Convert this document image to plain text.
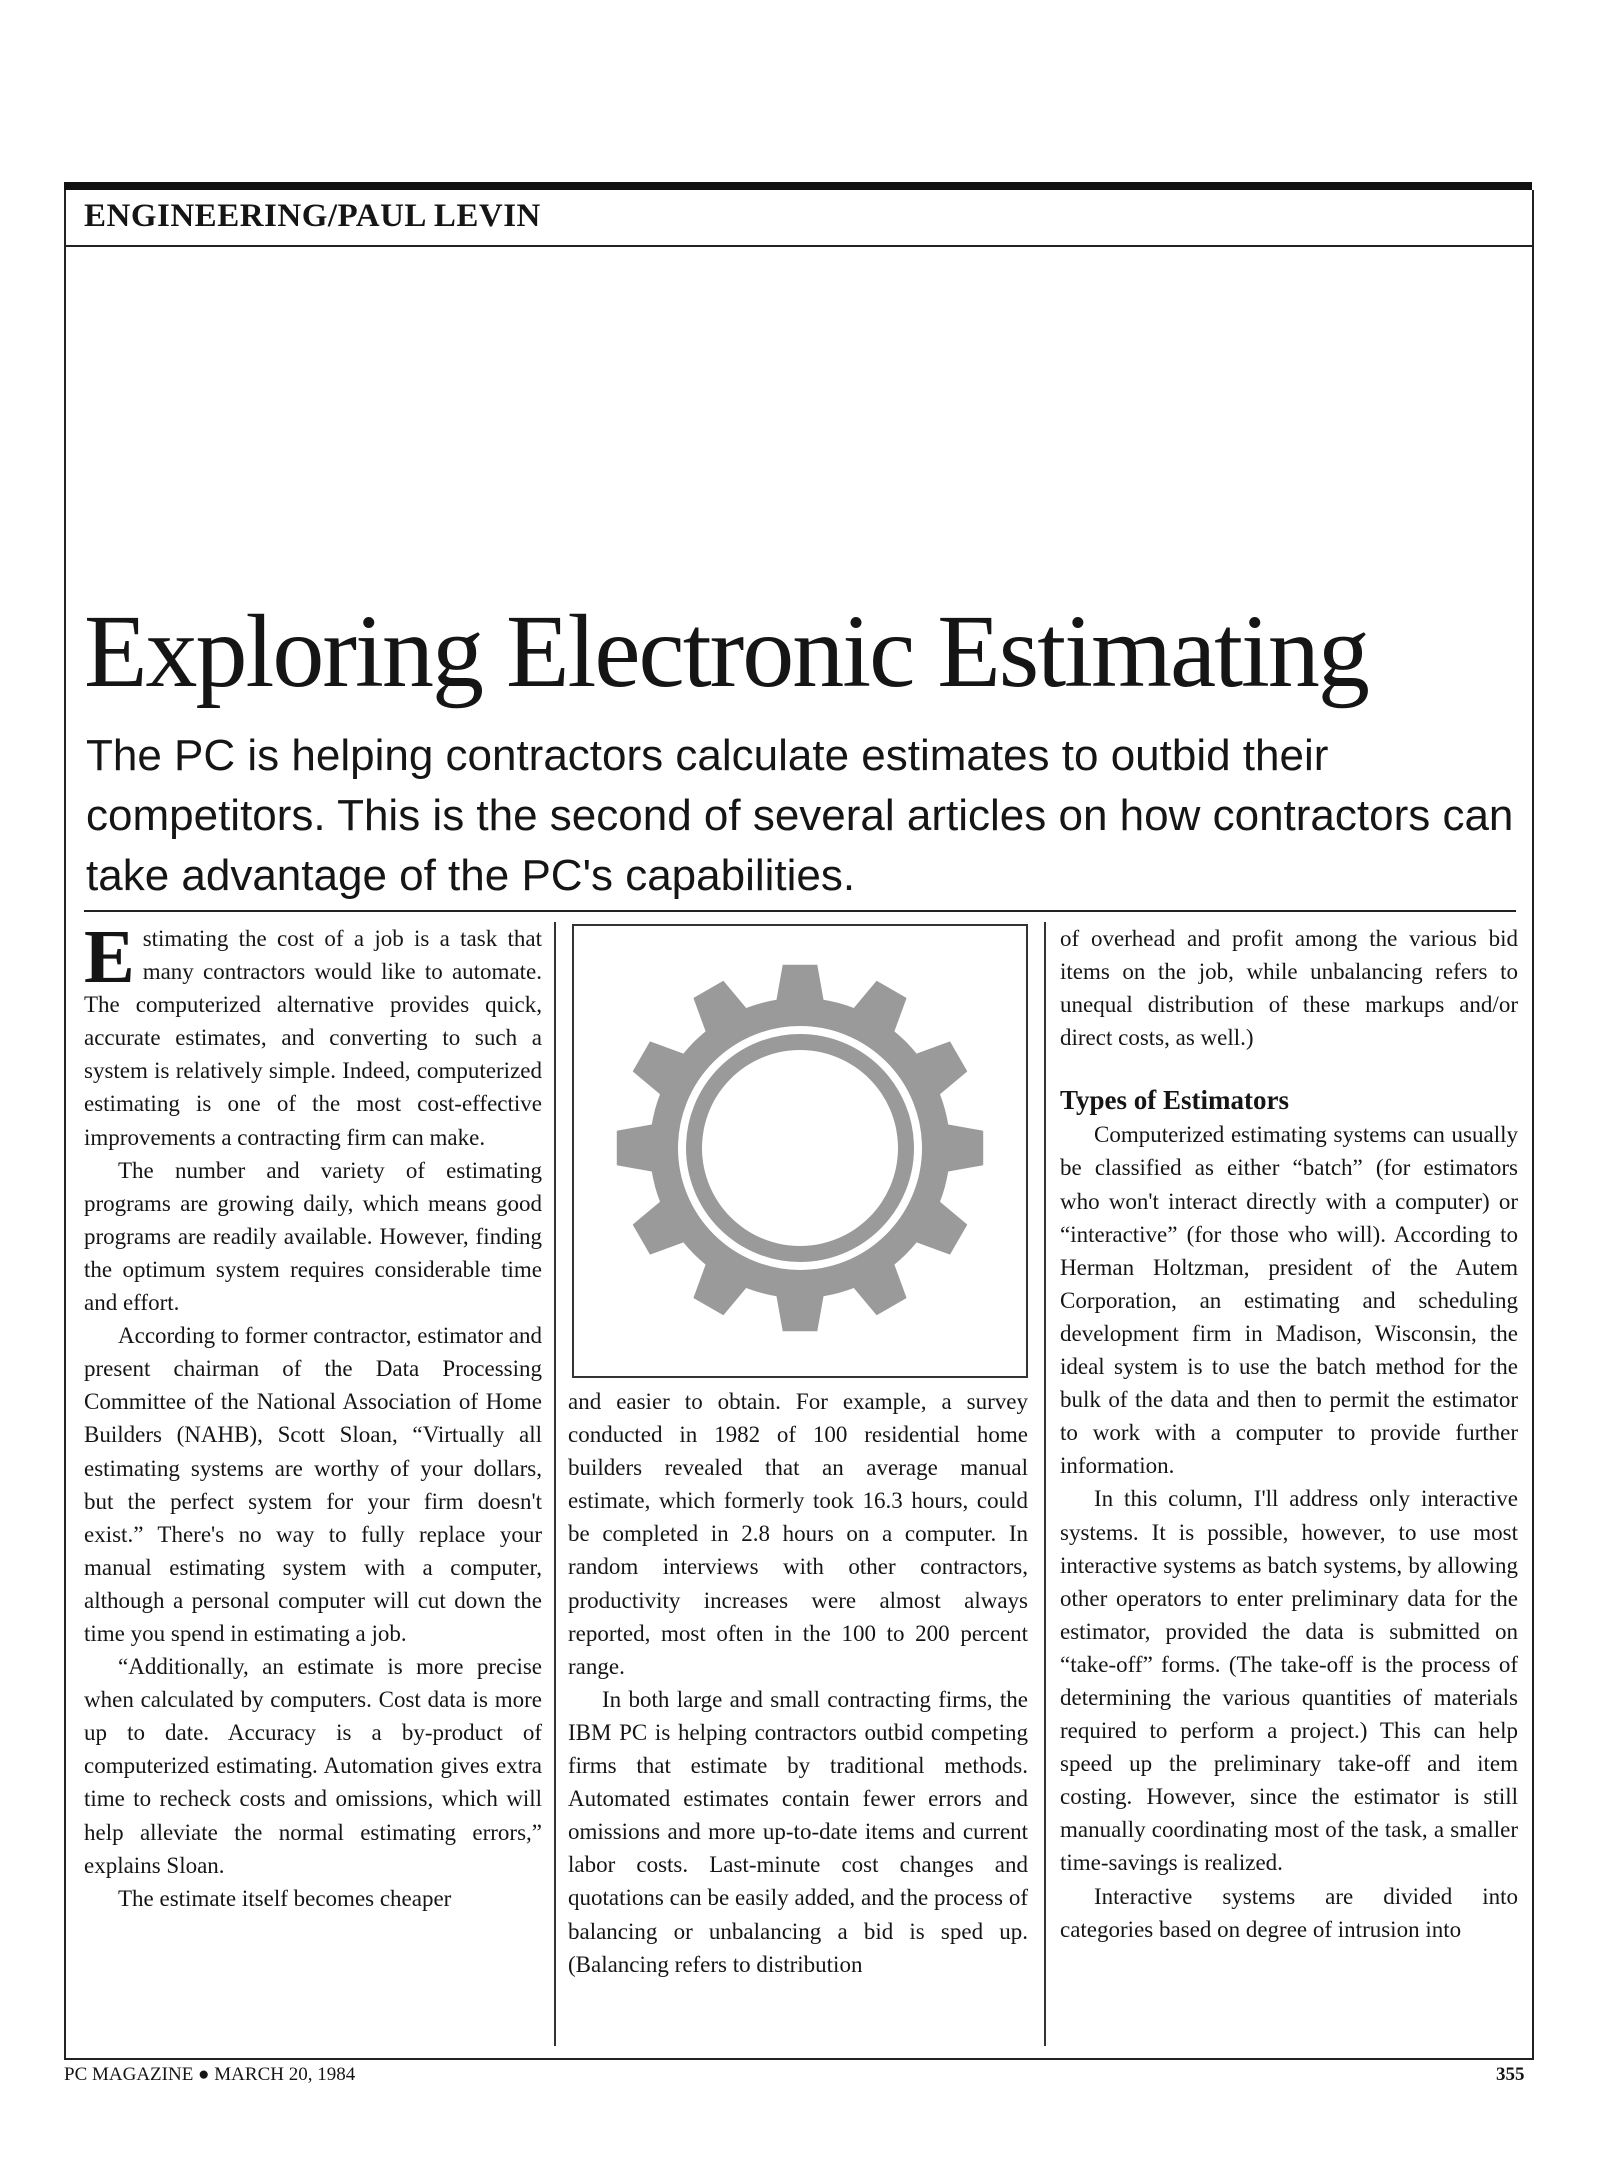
ENGINEERING/PAUL LEVIN
Exploring Electronic Estimating
The PC is helping contractors calculate estimates to outbid their competitors. This is the second of several articles on how contractors can take advantage of the PC's capabilities.

Estimating the cost of a job is a task that many contractors would like to automate. The computerized alternative provides quick, accurate estimates, and converting to such a system is relatively simple. Indeed, computerized estimating is one of the most cost-effective improvements a contracting firm can make.

The number and variety of estimating programs are growing daily, which means good programs are readily available. However, finding the optimum system requires considerable time and effort.

According to former contractor, estimator and present chairman of the Data Processing Committee of the National Association of Home Builders (NAHB), Scott Sloan, “Virtually all estimating systems are worthy of your dollars, but the perfect system for your firm doesn't exist.” There's no way to fully replace your manual estimating system with a computer, although a personal computer will cut down the time you spend in estimating a job.

“Additionally, an estimate is more precise when calculated by computers. Cost data is more up to date. Accuracy is a by-product of computerized estimating. Automation gives extra time to recheck costs and omissions, which will help alleviate the normal estimating errors,” explains Sloan.

The estimate itself becomes cheaper

and easier to obtain. For example, a survey conducted in 1982 of 100 residential home builders revealed that an average manual estimate, which formerly took 16.3 hours, could be completed in 2.8 hours on a computer. In random interviews with other contractors, productivity increases were almost always reported, most often in the 100 to 200 percent range.

In both large and small contracting firms, the IBM PC is helping contractors outbid competing firms that estimate by traditional methods. Automated estimates contain fewer errors and omissions and more up-to-date items and current labor costs. Last-minute cost changes and quotations can be easily added, and the process of balancing or unbalancing a bid is sped up. (Balancing refers to distribution

of overhead and profit among the various bid items on the job, while unbalancing refers to unequal distribution of these markups and/or direct costs, as well.)

Types of Estimators

Computerized estimating systems can usually be classified as either “batch” (for estimators who won't interact directly with a computer) or “interactive” (for those who will). According to Herman Holtzman, president of the Autem Corporation, an estimating and scheduling development firm in Madison, Wisconsin, the ideal system is to use the batch method for the bulk of the data and then to permit the estimator to work with a computer to provide further information.

In this column, I'll address only interactive systems. It is possible, however, to use most interactive systems as batch systems, by allowing other operators to enter preliminary data for the estimator, provided the data is submitted on “take-off” forms. (The take-off is the process of determining the various quantities of materials required to perform a project.) This can help speed up the preliminary take-off and item costing. However, since the estimator is still manually coordinating most of the task, a smaller time-savings is realized.

Interactive systems are divided into categories based on degree of intrusion into

PC MAGAZINE ● MARCH 20, 1984	355
